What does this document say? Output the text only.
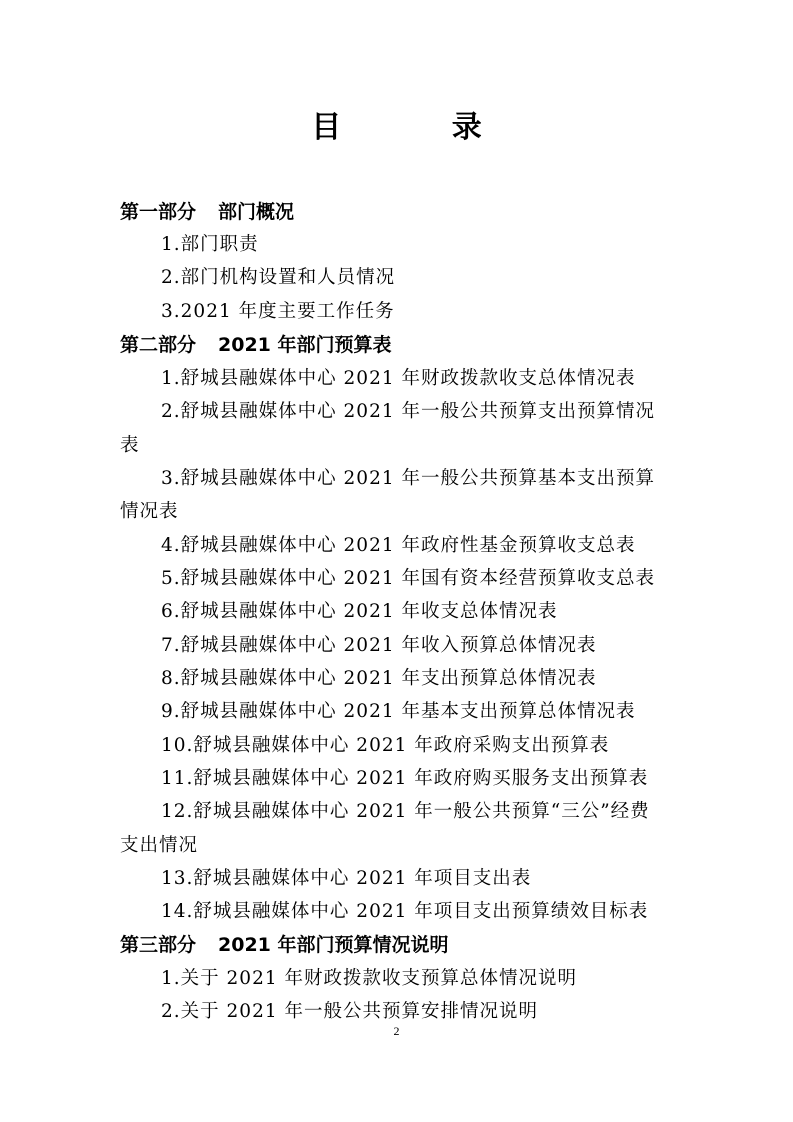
目 录
第一部分 部门概况
1.部门职责
2.部门机构设置和人员情况
3.2021 年度主要工作任务
第二部分 2021 年部门预算表
1.舒城县融媒体中心 2021 年财政拨款收支总体情况表
2.舒城县融媒体中心 2021 年一般公共预算支出预算情况
表
3.舒城县融媒体中心 2021 年一般公共预算基本支出预算
情况表
4.舒城县融媒体中心 2021 年政府性基金预算收支总表
5.舒城县融媒体中心 2021 年国有资本经营预算收支总表
6.舒城县融媒体中心 2021 年收支总体情况表
7.舒城县融媒体中心 2021 年收入预算总体情况表
8.舒城县融媒体中心 2021 年支出预算总体情况表
9.舒城县融媒体中心 2021 年基本支出预算总体情况表
10.舒城县融媒体中心 2021 年政府采购支出预算表
11.舒城县融媒体中心 2021 年政府购买服务支出预算表
12.舒城县融媒体中心 2021 年一般公共预算“三公”经费
支出情况
13.舒城县融媒体中心 2021 年项目支出表
14.舒城县融媒体中心 2021 年项目支出预算绩效目标表
第三部分 2021 年部门预算情况说明
1.关于 2021 年财政拨款收支预算总体情况说明
2.关于 2021 年一般公共预算安排情况说明
2
